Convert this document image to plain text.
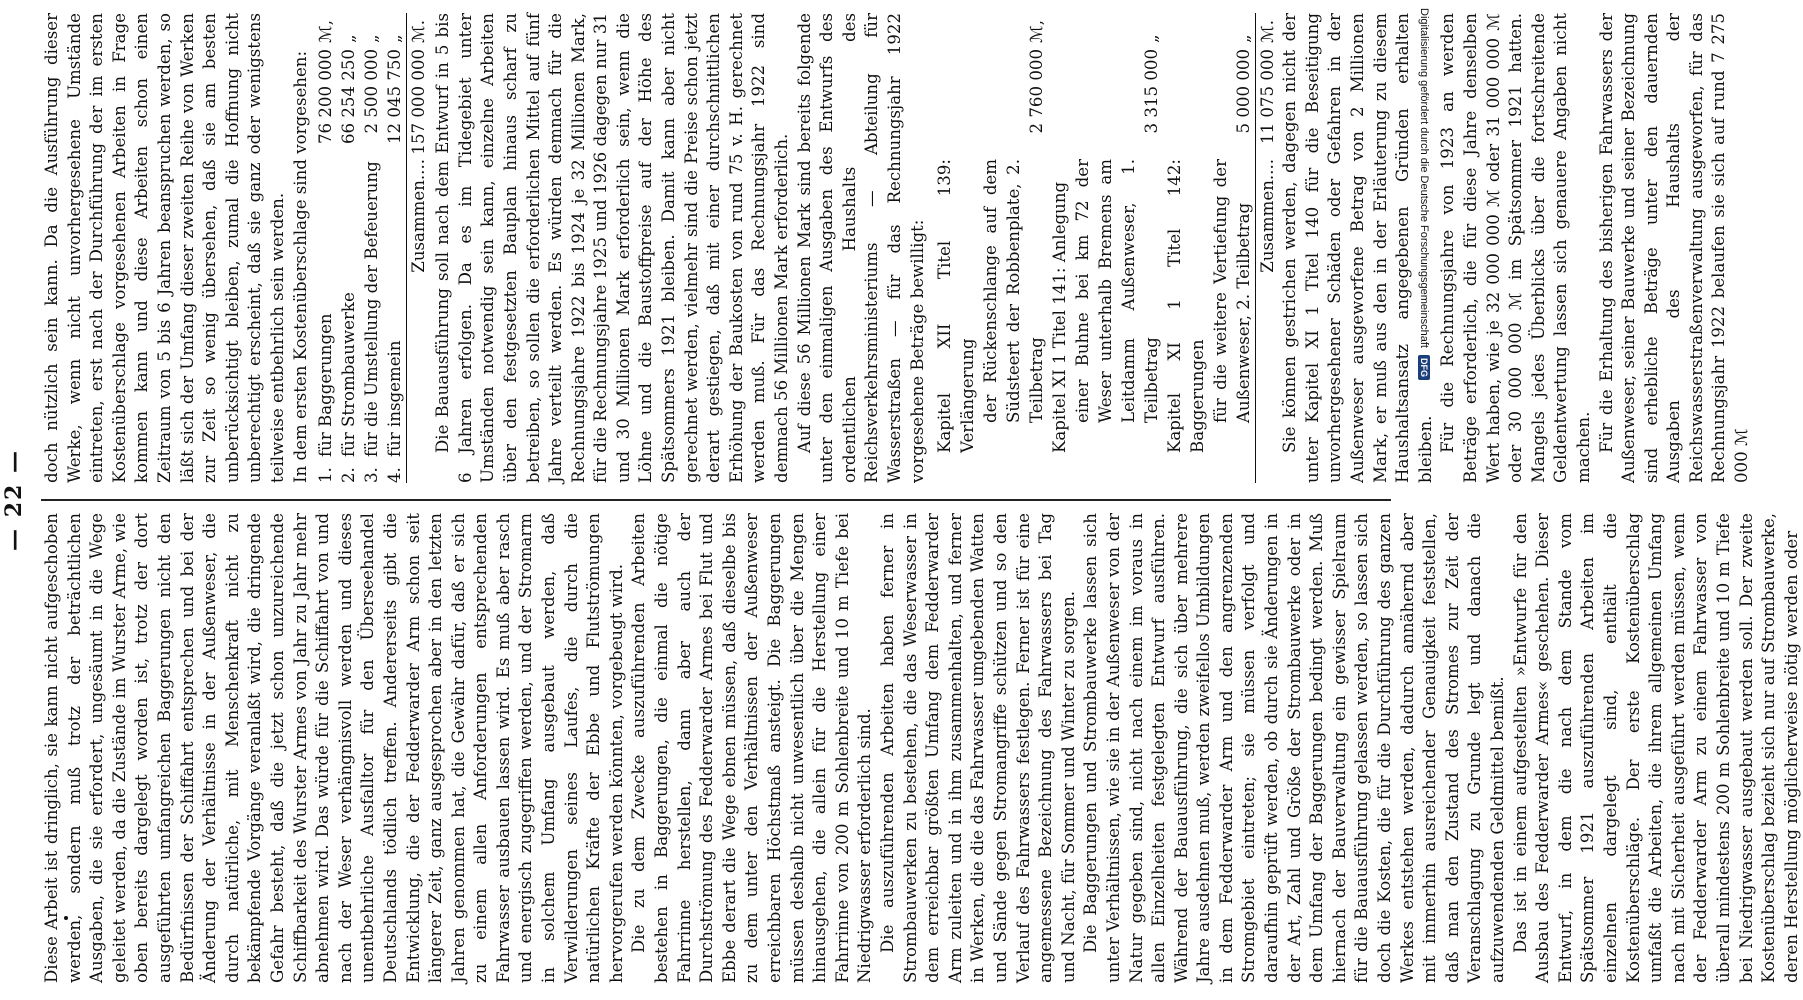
— 22 —

Diese Arbeit ist dringlich, sie kann nicht aufgeschoben werden, sondern muß trotz der beträchtlichen Ausgaben, die sie erfordert, ungesäumt in die Wege geleitet werden, da die Zustände im Wurster Arme, wie oben bereits dargelegt worden ist, trotz der dort ausgeführten umfangreichen Baggerungen nicht den Bedürfnissen der Schiffahrt entsprechen und bei der Änderung der Verhältnisse in der Außenweser, die durch natürliche, mit Menschenkraft nicht zu bekämpfende Vorgänge veranlaßt wird, die dringende Gefahr besteht, daß die jetzt schon unzureichende Schiffbarkeit des Wurster Armes von Jahr zu Jahr mehr abnehmen wird. Das würde für die Schiffahrt von und nach der Weser verhängnisvoll werden und dieses unentbehrliche Ausfalltor für den Überseehandel Deutschlands tödlich treffen. Andererseits gibt die Entwicklung, die der Fedderwarder Arm schon seit längerer Zeit, ganz ausgesprochen aber in den letzten Jahren genommen hat, die Gewähr dafür, daß er sich zu einem allen Anforderungen entsprechenden Fahrwasser ausbauen lassen wird. Es muß aber rasch und energisch zugegriffen werden, und der Stromarm in solchem Umfang ausgebaut werden, daß Verwilderungen seines Laufes, die durch die natürlichen Kräfte der Ebbe und Flutströmungen hervorgerufen werden könnten, vorgebeugt wird. Die zu dem Zwecke auszuführenden Arbeiten bestehen in Baggerungen, die einmal die nötige Fahrrinne herstellen, dann aber auch der Durchströmung des Fedderwarder Armes bei Flut und Ebbe derart die Wege ebnen müssen, daß dieselbe bis zu dem unter den Verhältnissen der Außenweser erreichbaren Höchstmaß ansteigt. Die Baggerungen müssen deshalb nicht unwesentlich über die Mengen hinausgehen, die allein für die Herstellung einer Fahrrinne von 200 m Sohlenbreite und 10 m Tiefe bei Niedrigwasser erforderlich sind. Die auszuführenden Arbeiten haben ferner in Strombauwerken zu bestehen, die das Weserwasser in dem erreichbar größten Umfang dem Fedderwarder Arm zuleiten und in ihm zusammenhalten, und ferner in Werken, die die das Fahrwasser umgebenden Watten und Sände gegen Stromangriffe schützen und so den Verlauf des Fahrwassers festlegen. Ferner ist für eine angemessene Bezeichnung des Fahrwassers bei Tag und Nacht, für Sommer und Winter zu sorgen. Die Baggerungen und Strombauwerke lassen sich unter Verhältnissen, wie sie in der Außenweser von der Natur gegeben sind, nicht nach einem im voraus in allen Einzelheiten festgelegten Entwurf ausführen. Während der Bauausführung, die sich über mehrere Jahre ausdehnen muß, werden zweifellos Umbildungen in dem Fedderwarder Arm und den angrenzenden Stromgebiet eintreten; sie müssen verfolgt und daraufhin geprüft werden, ob durch sie Änderungen in der Art, Zahl und Größe der Strombauwerke oder in dem Umfang der Baggerungen bedingt werden. Muß hiernach der Bauverwaltung ein gewisser Spielraum für die Bauausführung gelassen werden, so lassen sich doch die Kosten, die für die Durchführung des ganzen Werkes entstehen werden, dadurch annähernd aber mit immerhin ausreichender Genauigkeit feststellen, daß man den Zustand des Stromes zur Zeit der Veranschlagung zu Grunde legt und danach die aufzuwendenden Geldmittel bemißt. Das ist in einem aufgestellten »Entwurfe für den Ausbau des Fedderwarder Armes« geschehen. Dieser Entwurf, in dem die nach dem Stande vom Spätsommer 1921 auszuführenden Arbeiten im einzelnen dargelegt sind, enthält die Kostenüberschläge. Der erste Kostenüberschlag umfaßt die Arbeiten, die ihrem allgemeinen Umfang nach mit Sicherheit ausgeführt werden müssen, wenn der Fedderwarder Arm zu einem Fahrwasser von überall mindestens 200 m Sohlenbreite und 10 m Tiefe bei Niedrigwasser ausgebaut werden soll. Der zweite Kostenüberschlag bezieht sich nur auf Strombauwerke, deren Herstellung möglicherweise nötig werden oder

doch nützlich sein kann. Da die Ausführung dieser Werke, wenn nicht unvorhergesehene Umstände eintreten, erst nach der Durchführung der im ersten Kostenüberschlage vorgesehenen Arbeiten in Frage kommen kann und diese Arbeiten schon einen Zeitraum von 5 bis 6 Jahren beanspruchen werden, so läßt sich der Umfang dieser zweiten Reihe von Werken zur Zeit so wenig übersehen, daß sie am besten unberücksichtigt bleiben, zumal die Hoffnung nicht unberechtigt erscheint, daß sie ganz oder wenigstens teilweise entbehrlich sein werden. In dem ersten Kostenüberschlage sind vorgesehen: 1.	für Baggerungen	76 200 000	ℳ,
2.	für Strombauwerke	66 254 250	„
3.	für die Umstellung der Befeuerung	2 500 000	„
4.	für insgemein	12 045 750	„
	Zusammen....	157 000 000	ℳ. Die Bauausführung soll nach dem Entwurf in 5 bis 6 Jahren erfolgen. Da es im Tidegebiet unter Umständen notwendig sein kann, einzelne Arbeiten über den festgesetzten Bauplan hinaus scharf zu betreiben, so sollen die erforderlichen Mittel auf fünf Jahre verteilt werden. Es würden demnach für die Rechnungsjahre 1922 bis 1924 je 32 Millionen Mark, für die Rechnungsjahre 1925 und 1926 dagegen nur 31 und 30 Millionen Mark erforderlich sein, wenn die Löhne und die Baustoffpreise auf der Höhe des Spätsommers 1921 bleiben. Damit kann aber nicht gerechnet werden, vielmehr sind die Preise schon jetzt derart gestiegen, daß mit einer durchschnittlichen Erhöhung der Baukosten von rund 75 v. H. gerechnet werden muß. Für das Rechnungsjahr 1922 sind demnach 56 Millionen Mark erforderlich. Auf diese 56 Millionen Mark sind bereits folgende unter den einmaligen Ausgaben des Entwurfs des ordentlichen Haushalts des Reichsverkehrsministeriums — Abteilung für Wasserstraßen — für das Rechnungsjahr 1922 vorgesehene Beträge bewilligt: Kapitel XII Titel 139: Verlängerung der Rückenschlange auf dem Südsteert der Robbenplate, 2. Teilbetrag	2 760 000	ℳ,

Kapitel XI 1 Titel 141: Anlegung einer Buhne bei km 72 der Weser unterhalb Bremens am Leitdamm Außenweser, 1. Teilbetrag	3 315 000	„

Kapitel XI 1 Titel 142: Baggerungen für die weitere Vertiefung der Außenweser, 2. Teilbetrag	5 000 000	„
Zusammen....	11 075 000	ℳ. Sie können gestrichen werden, dagegen nicht der unter Kapitel XI 1 Titel 140 für die Beseitigung unvorhergesehener Schäden oder Gefahren in der Außenweser ausgeworfene Betrag von 2 Millionen Mark, er muß aus den in der Erläuterung zu diesem Haushaltsansatz angegebenen Gründen erhalten bleiben. Für die Rechnungsjahre von 1923 an werden Beträge erforderlich, die für diese Jahre denselben Wert haben, wie je 32 000 000 ℳ oder 31 000 000 ℳ oder 30 000 000 ℳ im Spätsommer 1921 hatten. Mangels jedes Überblicks über die fortschreitende Geldentwertung lassen sich genauere Angaben nicht machen. Für die Erhaltung des bisherigen Fahrwassers der Außenweser, seiner Bauwerke und seiner Bezeichnung sind erhebliche Beträge unter den dauernden Ausgaben des Haushalts der Reichswasserstraßenverwaltung ausgeworfen, für das Rechnungsjahr 1922 belaufen sie sich auf rund 7 275 000 ℳ

Digitalisierung gefördert durch die Deutsche Forschungsgemeinschaft DFG
